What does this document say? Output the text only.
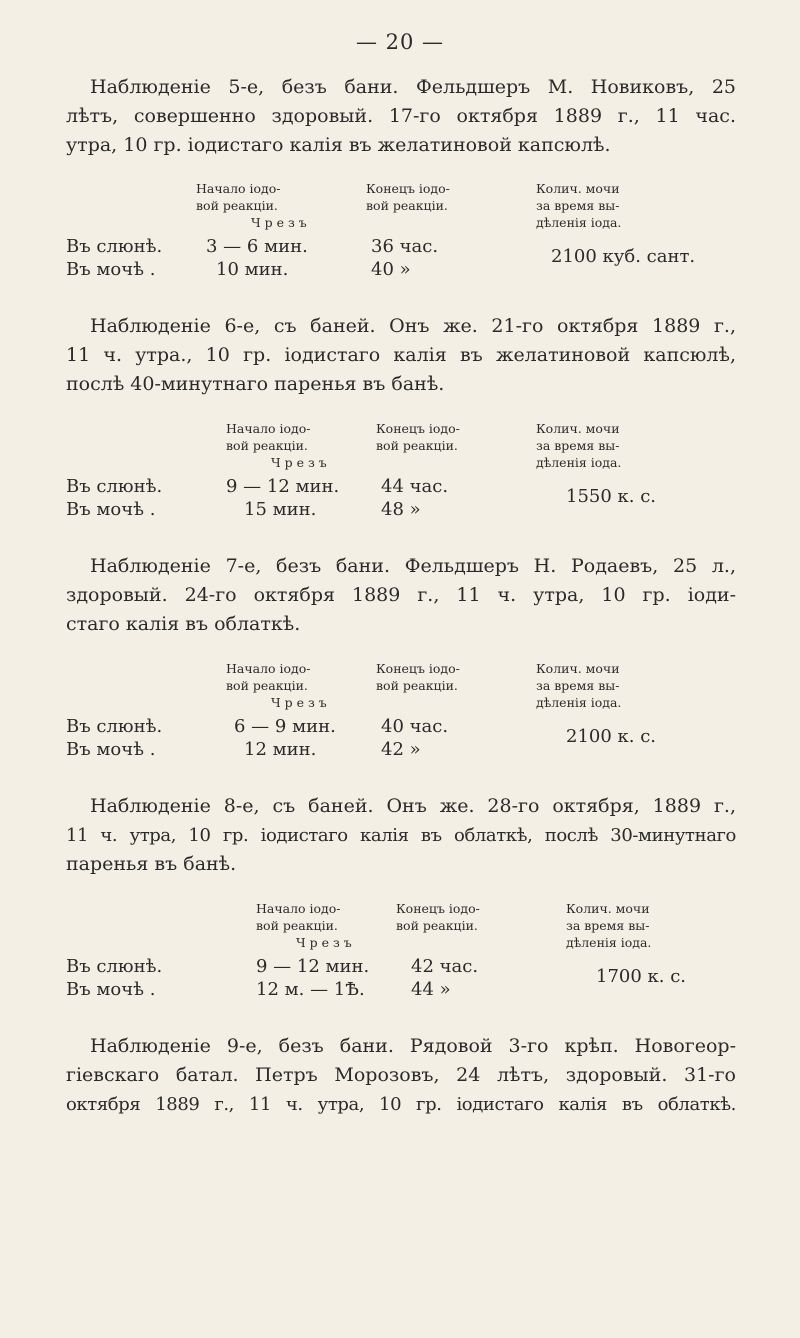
— 20 —
Наблюденіе 5-е, безъ бани. Фельдшеръ М. Новиковъ, 25
лѣтъ, совершенно здоровый. 17-го октября 1889 г., 11 час.
утра, 10 гр. іодистаго калія въ желатиновой капсюлѣ.
Начало іодо-
вой реакціи.
Конецъ іодо-
вой реакціи.
Колич. мочи
за время вы-
дѣленія іода.
Ч р е з ъ
Въ слюнѣ. 3 — 6 мин.	36 час.
Въ мочѣ .	10 мин.	40 »
2100 куб. сант.
Наблюденіе 6-е, съ баней. Онъ же. 21-го октября 1889 г.,
11 ч. утра., 10 гр. іодистаго калія въ желатиновой капсюлѣ,
послѣ 40-минутнаго паренья въ банѣ.
Начало іодо-
вой реакціи.
Конецъ іодо-
вой реакціи.
Колич. мочи
за время вы-
дѣленія іода.
Ч р е з ъ
Въ слюнѣ.	9 — 12 мин. 44 час.
Въ мочѣ .	15 мин.	48 »
1550 к. с.
Наблюденіе 7-е, безъ бани. Фельдшеръ Н. Родаевъ, 25 л.,
здоровый. 24-го октября 1889 г., 11 ч. утра, 10 гр. іоди-
стаго калія въ облаткѣ.
Начало іодо-
вой реакціи.
Конецъ іодо-
вой реакціи.
Колич. мочи
за время вы-
дѣленія іода.
Ч р е з ъ
Въ слюнѣ.	6 — 9 мин.	40 час.
Въ мочѣ .	12 мин.	42 »
2100 к. с.
Наблюденіе 8-е, съ баней. Онъ же. 28-го октября, 1889 г.,
11 ч. утра, 10 гр. іодистаго калія въ облаткѣ, послѣ 30-минутнаго
паренья въ банѣ.
Начало іодо-
вой реакціи.
Конецъ іодо-
вой реакціи.
Колич. мочи
за время вы-
дѣленія іода.
Ч р е з ъ
Въ слюнѣ.	9 — 12 мин. 42 час.
Въ мочѣ .	12 м. — 1Ѣ.	44 »
1700 к. с.
Наблюденіе 9-е, безъ бани. Рядовой 3-го крѣп. Новогеор-
гіевскаго батал. Петръ Морозовъ, 24 лѣтъ, здоровый. 31-го
октября 1889 г., 11 ч. утра, 10 гр. іодистаго калія въ облаткѣ.
